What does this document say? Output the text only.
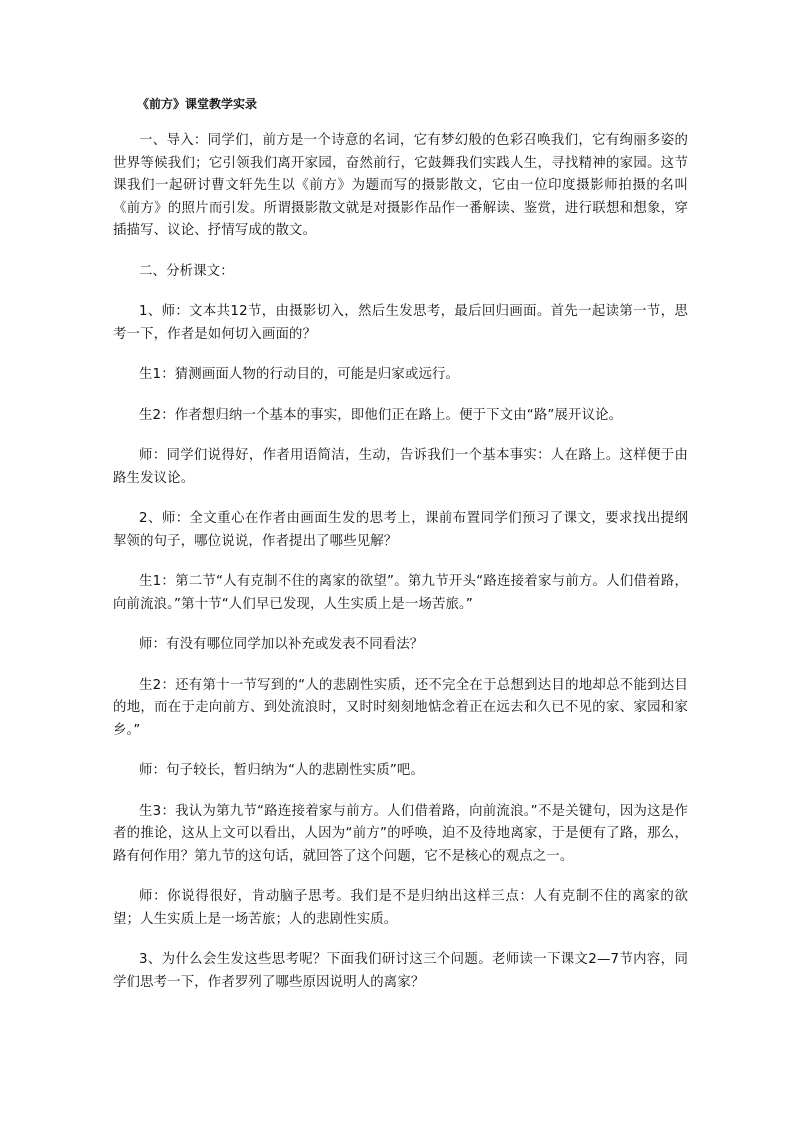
《前方》课堂教学实录

一、导入：同学们，前方是一个诗意的名词，它有梦幻般的色彩召唤我们，它有绚丽多姿的世界等候我们；它引领我们离开家园，奋然前行，它鼓舞我们实践人生，寻找精神的家园。这节课我们一起研讨曹文轩先生以《前方》为题而写的摄影散文，它由一位印度摄影师拍摄的名叫《前方》的照片而引发。所谓摄影散文就是对摄影作品作一番解读、鉴赏，进行联想和想象，穿插描写、议论、抒情写成的散文。

二、分析课文：

1、师：文本共12节，由摄影切入，然后生发思考，最后回归画面。首先一起读第一节，思考一下，作者是如何切入画面的？

生1：猜测画面人物的行动目的，可能是归家或远行。

生2：作者想归纳一个基本的事实，即他们正在路上。便于下文由“路”展开议论。

师：同学们说得好，作者用语简洁，生动，告诉我们一个基本事实：人在路上。这样便于由路生发议论。

2、师：全文重心在作者由画面生发的思考上，课前布置同学们预习了课文，要求找出提纲挈领的句子，哪位说说，作者提出了哪些见解？

生1：第二节“人有克制不住的离家的欲望”。第九节开头“路连接着家与前方。人们借着路，向前流浪。”第十节“人们早已发现，人生实质上是一场苦旅。”

师：有没有哪位同学加以补充或发表不同看法？

生2：还有第十一节写到的“人的悲剧性实质，还不完全在于总想到达目的地却总不能到达目的地，而在于走向前方、到处流浪时，又时时刻刻地惦念着正在远去和久已不见的家、家园和家乡。”

师：句子较长，暂归纳为“人的悲剧性实质”吧。

生3：我认为第九节“路连接着家与前方。人们借着路，向前流浪。”不是关键句，因为这是作者的推论，这从上文可以看出，人因为“前方”的呼唤，迫不及待地离家，于是便有了路，那么，路有何作用？第九节的这句话，就回答了这个问题，它不是核心的观点之一。

师：你说得很好，肯动脑子思考。我们是不是归纳出这样三点：人有克制不住的离家的欲望；人生实质上是一场苦旅；人的悲剧性实质。

3、为什么会生发这些思考呢？下面我们研讨这三个问题。老师读一下课文2—7节内容，同学们思考一下，作者罗列了哪些原因说明人的离家？
